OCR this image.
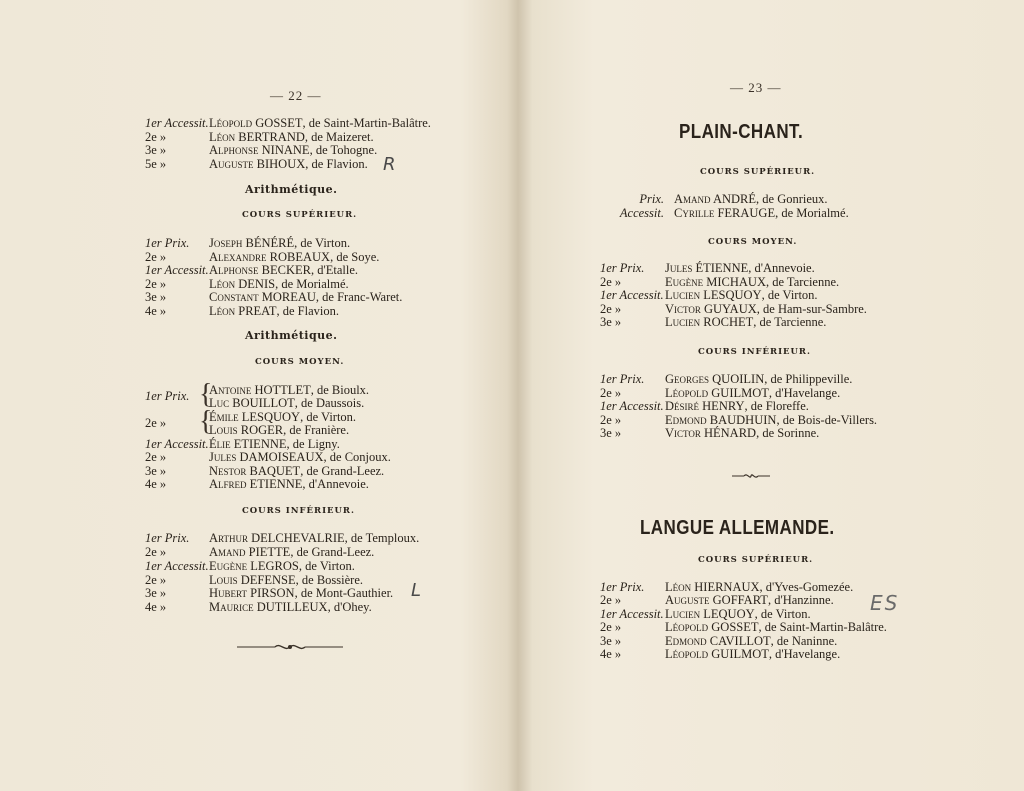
— 22 —
1er Accessit.Léopold GOSSET, de Saint-Martin-Balâtre.
2e »	Léon BERTRAND, de Maizeret.
3e »	Alphonse NINANE, de Tohogne.
5e »	Auguste BIHOUX, de Flavion. R
Arithmétique.
COURS SUPÉRIEUR.
1er Prix. Joseph BÉNÉRÉ, de Virton.
2e »	Alexandre ROBEAUX, de Soye.
1er Accessit.Alphonse BECKER, d'Etalle.
2e »	Léon DENIS, de Morialmé.
3e »	Constant MOREAU, de Franc-Waret.
4e »	Léon PREAT, de Flavion.
Arithmétique.
COURS MOYEN.
1er Prix. {
Antoine HOTTLET, de Bioulx.
Luc BOUILLOT, de Daussois.
2e » {
Émile LESQUOY, de Virton.
Louis ROGER, de Franière.
1er Accessit.Élie ETIENNE, de Ligny.
2e »	Jules DAMOISEAUX, de Conjoux.
3e »	Nestor BAQUET, de Grand-Leez.
4e »	Alfred ETIENNE, d'Annevoie.
COURS INFÉRIEUR.
1er Prix. Arthur DELCHEVALRIE, de Temploux.
2e »	Amand PIETTE, de Grand-Leez.
1er Accessit.Eugène LEGROS, de Virton.
2e »	Louis DEFENSE, de Bossière.
3e »	Hubert PIRSON, de Mont-Gauthier.
4e »	Maurice DUTILLEUX, d'Ohey.
L
— 23 —
PLAIN-CHANT.
COURS SUPÉRIEUR.
Prix. Amand ANDRÉ, de Gonrieux.
Accessit. Cyrille FERAUGE, de Morialmé.
COURS MOYEN.
1er Prix. Jules ÉTIENNE, d'Annevoie.
2e »	Eugène MICHAUX, de Tarcienne.
1er Accessit.Lucien LESQUOY, de Virton.
2e »	Victor GUYAUX, de Ham-sur-Sambre.
3e »	Lucien ROCHET, de Tarcienne.
COURS INFÉRIEUR.
1er Prix. Georges QUOILIN, de Philippeville.
2e »	Léopold GUILMOT, d'Havelange.
1er Accessit.Désiré HENRY, de Floreffe.
2e »	Edmond BAUDHUIN, de Bois-de-Villers.
3e »	Victor HÉNARD, de Sorinne.
LANGUE ALLEMANDE.
COURS SUPÉRIEUR.
1er Prix. Léon HIERNAUX, d'Yves-Gomezée.
2e »	Auguste GOFFART, d'Hanzinne.
1er Accessit.Lucien LEQUOY, de Virton.
2e »	Léopold GOSSET, de Saint-Martin-Balâtre.
3e »	Edmond CAVILLOT, de Naninne.
4e »	Léopold GUILMOT, d'Havelange.
ES
